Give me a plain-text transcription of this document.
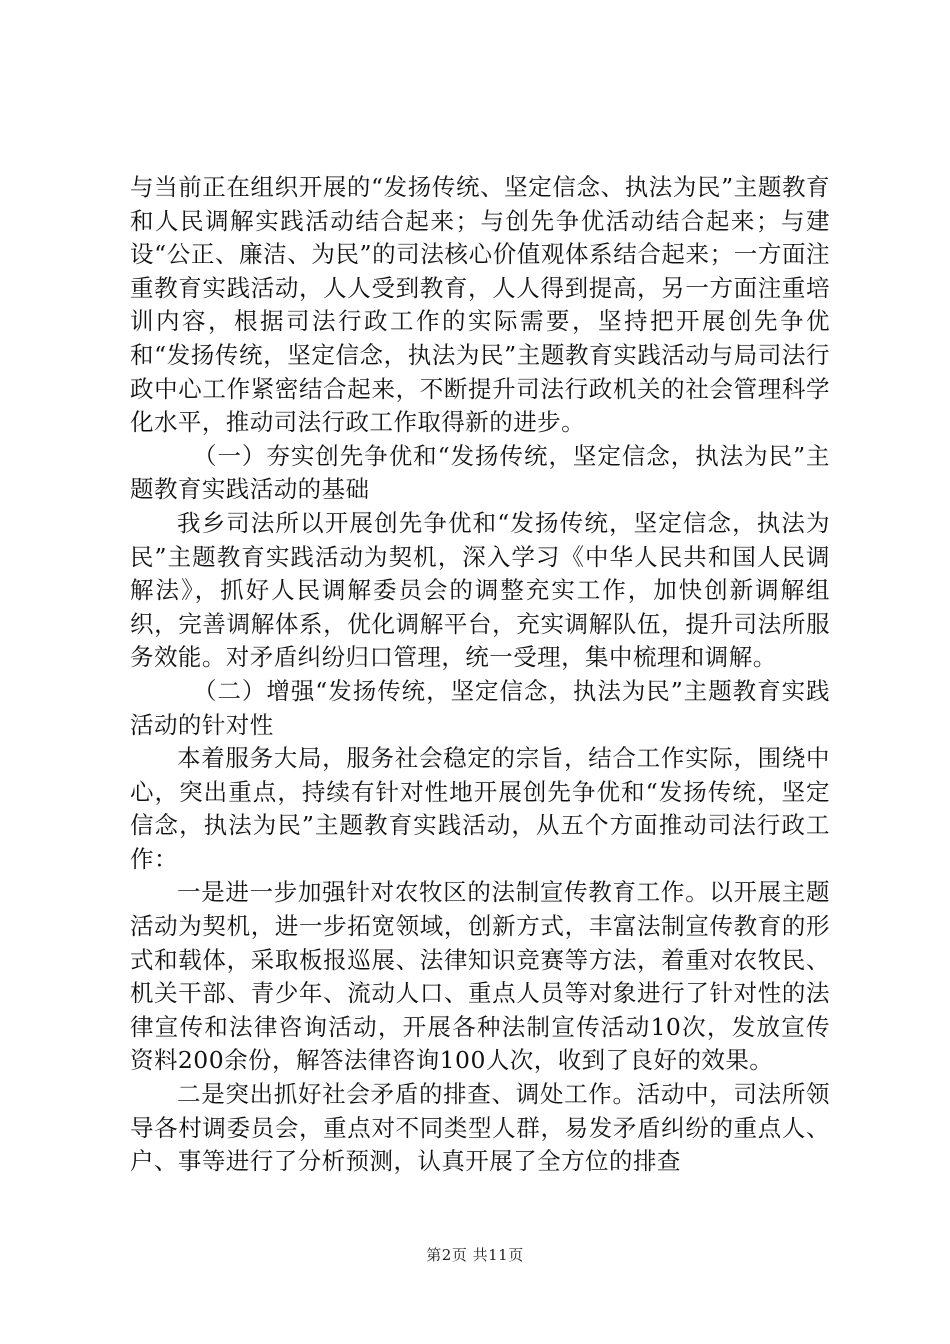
与当前正在组织开展的“发扬传统、坚定信念、执法为民”主题教育和人民调解实践活动结合起来；与创先争优活动结合起来；与建设“公正、廉洁、为民”的司法核心价值观体系结合起来；一方面注重教育实践活动，人人受到教育，人人得到提高，另一方面注重培训内容，根据司法行政工作的实际需要，坚持把开展创先争优和“发扬传统，坚定信念，执法为民”主题教育实践活动与局司法行政中心工作紧密结合起来，不断提升司法行政机关的社会管理科学化水平，推动司法行政工作取得新的进步。

（一）夯实创先争优和“发扬传统，坚定信念，执法为民”主题教育实践活动的基础

我乡司法所以开展创先争优和“发扬传统，坚定信念，执法为民”主题教育实践活动为契机，深入学习《中华人民共和国人民调解法》，抓好人民调解委员会的调整充实工作，加快创新调解组织，完善调解体系，优化调解平台，充实调解队伍，提升司法所服务效能。对矛盾纠纷归口管理，统一受理，集中梳理和调解。

（二）增强“发扬传统，坚定信念，执法为民”主题教育实践活动的针对性

本着服务大局，服务社会稳定的宗旨，结合工作实际，围绕中心，突出重点，持续有针对性地开展创先争优和“发扬传统，坚定信念，执法为民”主题教育实践活动，从五个方面推动司法行政工作：

一是进一步加强针对农牧区的法制宣传教育工作。以开展主题活动为契机，进一步拓宽领域，创新方式，丰富法制宣传教育的形式和载体，采取板报巡展、法律知识竞赛等方法，着重对农牧民、机关干部、青少年、流动人口、重点人员等对象进行了针对性的法律宣传和法律咨询活动，开展各种法制宣传活动10次，发放宣传资料200余份，解答法律咨询100人次，收到了良好的效果。

二是突出抓好社会矛盾的排查、调处工作。活动中，司法所领导各村调委员会，重点对不同类型人群，易发矛盾纠纷的重点人、户、事等进行了分析预测，认真开展了全方位的排查

第2页 共11页
